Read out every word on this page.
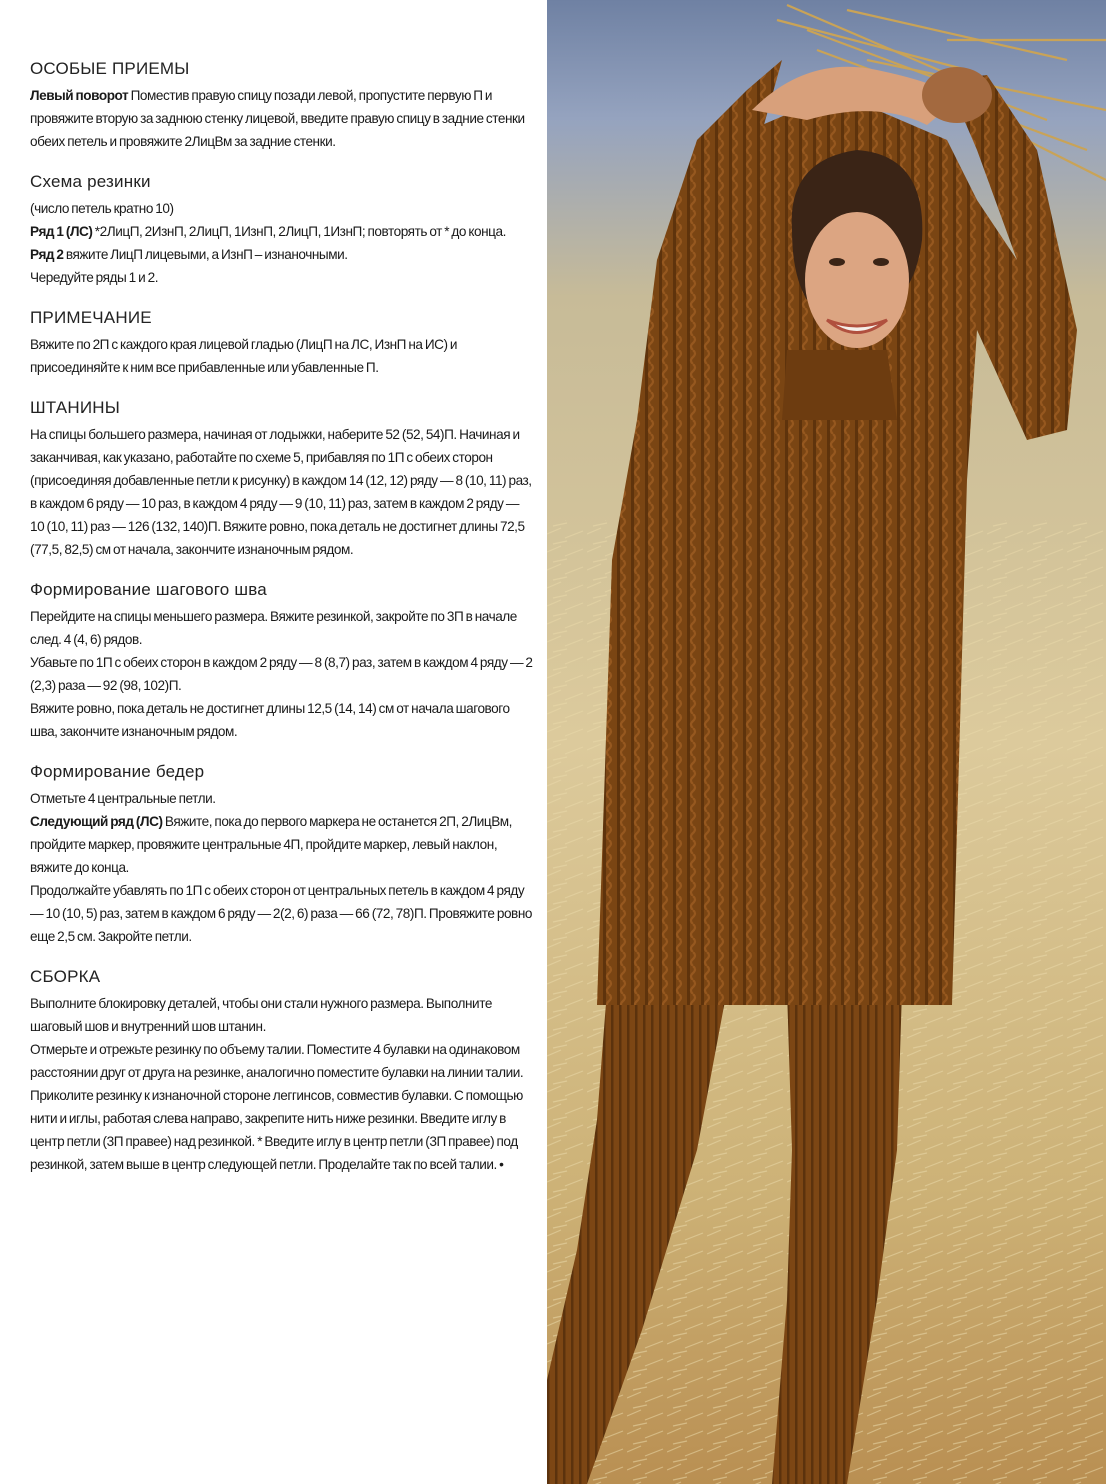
ОСОБЫЕ ПРИЕМЫ

Левый поворот Поместив правую спицу позади левой, пропустите первую П и провяжите вторую за заднюю стенку лицевой, введите правую спицу в задние стенки обеих петель и провяжите 2ЛицВм за задние стенки.

Схема резинки

(число петель кратно 10)

Ряд 1 (ЛС) *2ЛицП, 2ИзнП, 2ЛицП, 1ИзнП, 2ЛицП, 1ИзнП; повторять от * до конца.

Ряд 2 вяжите ЛицП лицевыми, а ИзнП – изнаночными.

Чередуйте ряды 1 и 2.

ПРИМЕЧАНИЕ

Вяжите по 2П с каждого края лицевой гладью (ЛицП на ЛС, ИзнП на ИС) и присоединяйте к ним все прибавленные или убавленные П.

ШТАНИНЫ

На спицы большего размера, начиная от лодыжки, наберите 52 (52, 54)П. Начиная и заканчивая, как указано, работайте по схеме 5, прибавляя по 1П с обеих сторон (присоединяя добавленные петли к рисунку) в каждом 14 (12, 12) ряду — 8 (10, 11) раз, в каждом 6 ряду — 10 раз, в каждом 4 ряду — 9 (10, 11) раз, затем в каждом 2 ряду — 10 (10, 11) раз — 126 (132, 140)П. Вяжите ровно, пока деталь не достигнет длины 72,5 (77,5, 82,5) см от начала, закончите изнаночным рядом.

Формирование шагового шва

Перейдите на спицы меньшего размера. Вяжите резинкой, закройте по 3П в начале след. 4 (4, 6) рядов.

Убавьте по 1П с обеих сторон в каждом 2 ряду — 8 (8,7) раз, затем в каждом 4 ряду — 2 (2,3) раза — 92 (98, 102)П.

Вяжите ровно, пока деталь не достигнет длины 12,5 (14, 14) см от начала шагового шва, закончите изнаночным рядом.

Формирование бедер

Отметьте 4 центральные петли.

Следующий ряд (ЛС) Вяжите, пока до первого маркера не останется 2П, 2ЛицВм, пройдите маркер, провяжите центральные 4П, пройдите маркер, левый наклон, вяжите до конца.

Продолжайте убавлять по 1П с обеих сторон от центральных петель в каждом 4 ряду — 10 (10, 5) раз, затем в каждом 6 ряду — 2(2, 6) раза — 66 (72, 78)П. Провяжите ровно еще 2,5 см. Закройте петли.

СБОРКА

Выполните блокировку деталей, чтобы они стали нужного размера. Выполните шаговый шов и внутренний шов штанин.

Отмерьте и отрежьте резинку по объему талии. Поместите 4 булавки на одинаковом расстоянии друг от друга на резинке, аналогично поместите булавки на линии талии. Приколите резинку к изнаночной стороне леггинсов, совместив булавки. С помощью нити и иглы, работая слева направо, закрепите нить ниже резинки. Введите иглу в центр петли (3П правее) над резинкой. * Введите иглу в центр петли (3П правее) под резинкой, затем выше в центр следующей петли. Проделайте так по всей талии. •
